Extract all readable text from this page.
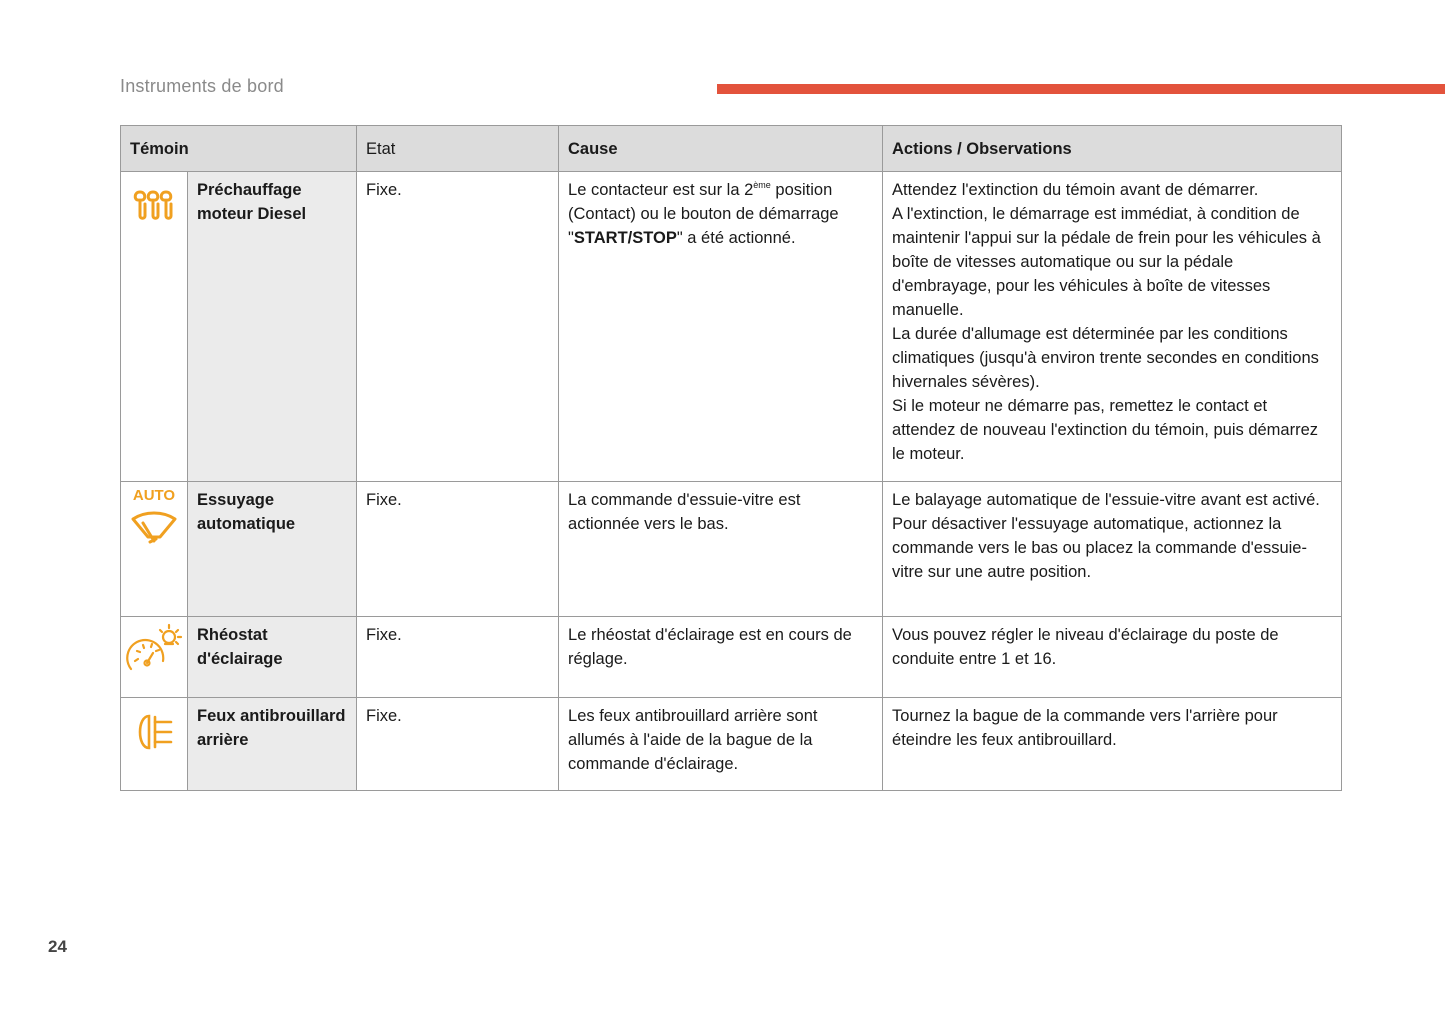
Instruments de bord
Témoin		Etat	Cause	Actions / Observations

	Préchauffage moteur Diesel	Fixe.	Le contacteur est sur la 2ème position (Contact) ou le bouton de démarrage "START/STOP" a été actionné.	Attendez l'extinction du témoin avant de démarrer.
A l'extinction, le démarrage est immédiat, à condition de maintenir l'appui sur la pédale de frein pour les véhicules à boîte de vitesses automatique ou sur la pédale d'embrayage, pour les véhicules à boîte de vitesses manuelle.
La durée d'allumage est déterminée par les conditions climatiques (jusqu'à environ trente secondes en conditions hivernales sévères).
Si le moteur ne démarre pas, remettez le contact et attendez de nouveau l'extinction du témoin, puis démarrez le moteur.

AUTO	Essuyage automatique	Fixe.	La commande d'essuie-vitre est actionnée vers le bas.	Le balayage automatique de l'essuie-vitre avant est activé.
Pour désactiver l'essuyage automatique, actionnez la commande vers le bas ou placez la commande d'essuie-vitre sur une autre position.

	Rhéostat d'éclairage	Fixe.	Le rhéostat d'éclairage est en cours de réglage.	Vous pouvez régler le niveau d'éclairage du poste de conduite entre 1 et 16.

	Feux antibrouillard arrière	Fixe.	Les feux antibrouillard arrière sont allumés à l'aide de la bague de la commande d'éclairage.	Tournez la bague de la commande vers l'arrière pour éteindre les feux antibrouillard.
24
